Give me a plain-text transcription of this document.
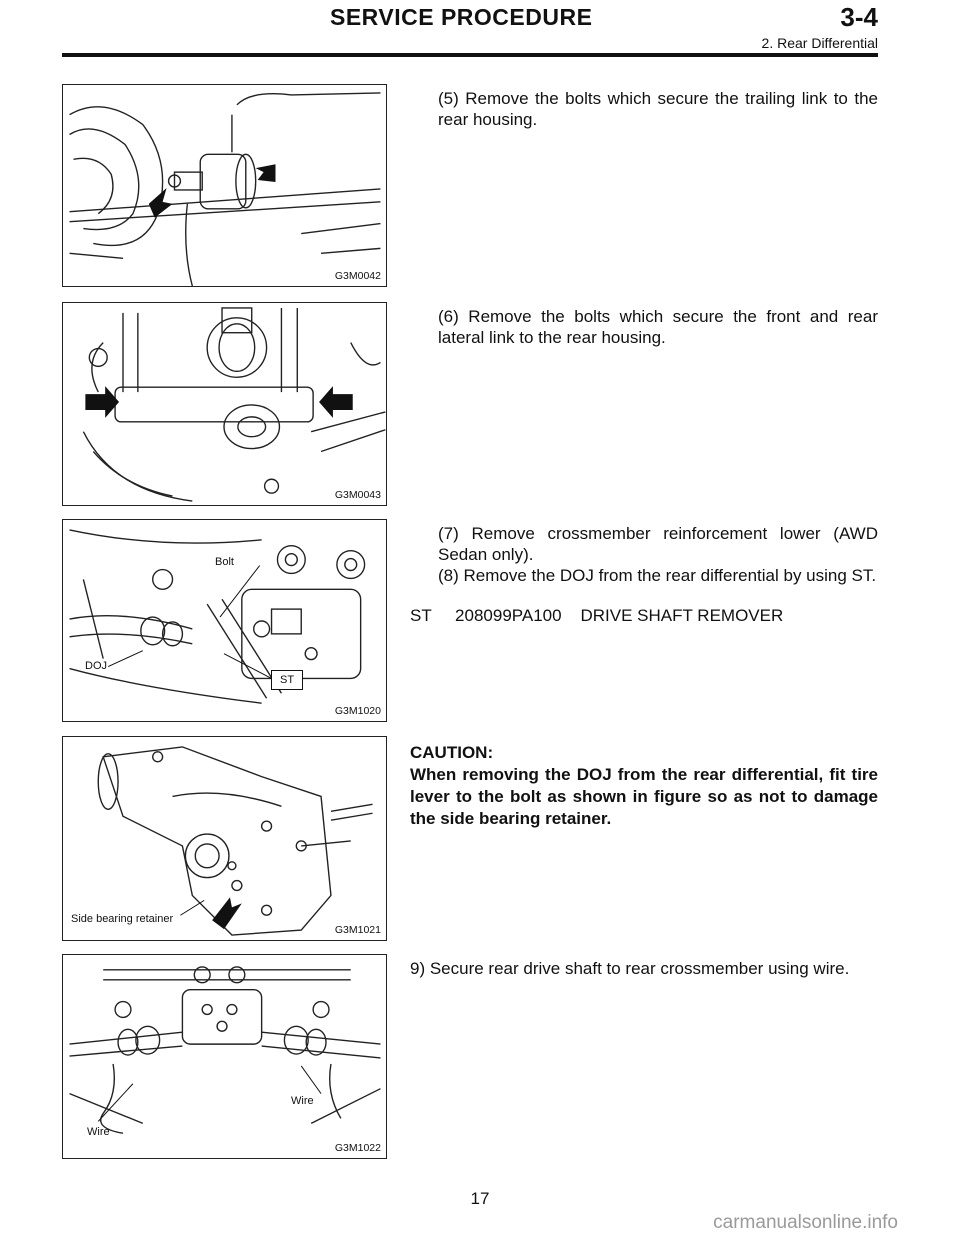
SERVICE PROCEDURE	3-4
2. Rear Differential
G3M0042
(5) Remove the bolts which secure the trailing link to the rear housing.
G3M0043
(6) Remove the bolts which secure the front and rear lateral link to the rear housing.
Bolt
DOJ
ST
G3M1020
(7) Remove crossmember reinforcement lower (AWD Sedan only).
(8) Remove the DOJ from the rear differential by using ST.
ST 208099PA100 DRIVE SHAFT REMOVER
Side bearing retainer
G3M1021
CAUTION:
When removing the DOJ from the rear differential, fit tire lever to the bolt as shown in figure so as not to damage the side bearing retainer.
Wire
Wire
G3M1022
9) Secure rear drive shaft to rear crossmember using wire.
17
carmanualsonline.info
